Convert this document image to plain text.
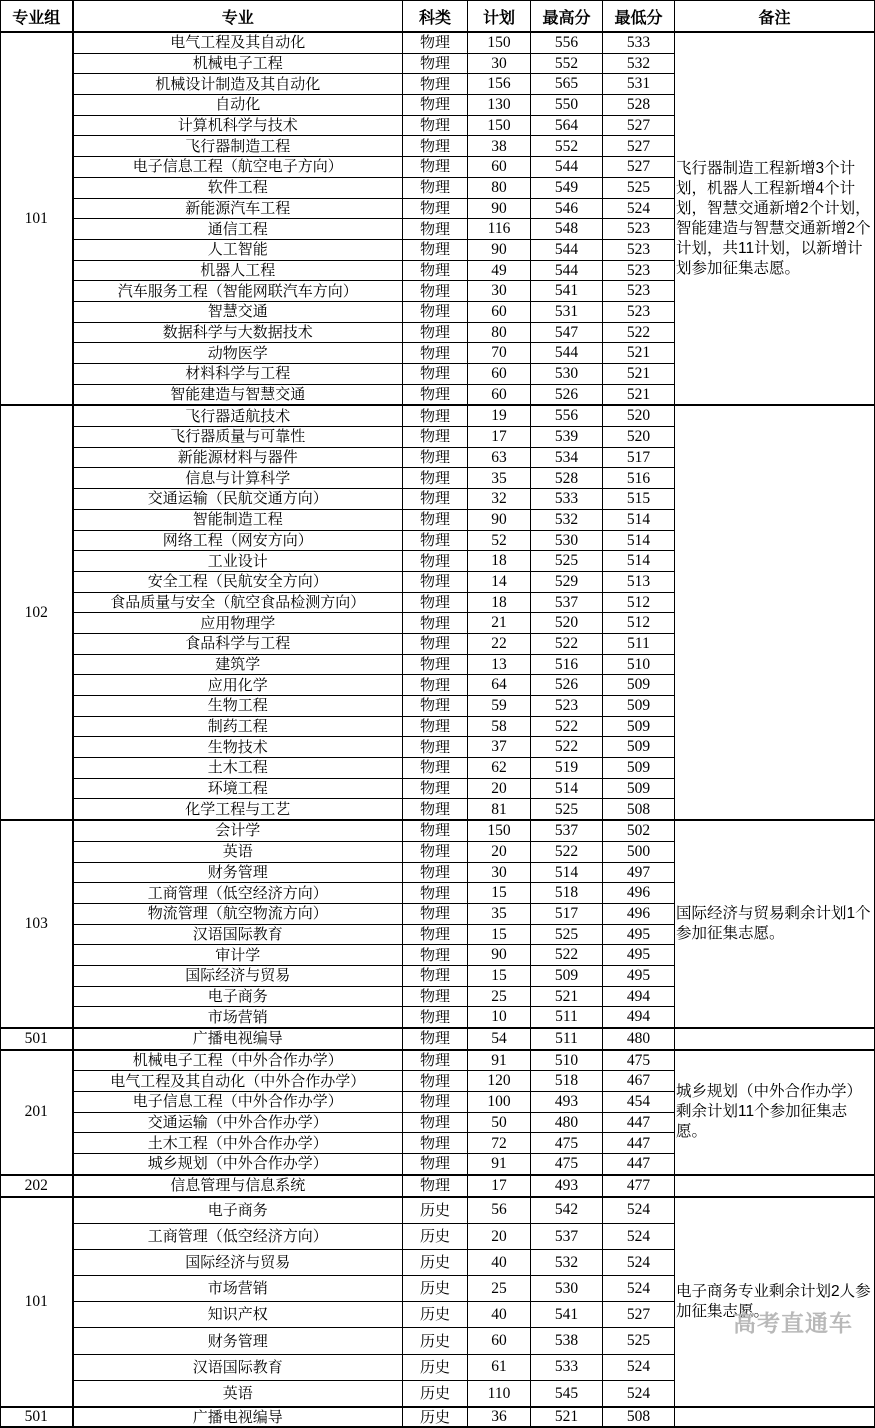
专业组	专业	科类	计划	最高分	最低分	备注
101	电气工程及其自动化	物理	150	556	533	飞行器制造工程新增3个计划，机器人工程新增4个计划，智慧交通新增2个计划，智能建造与智慧交通新增2个计划，共11计划，以新增计划参加征集志愿。
	机械电子工程	物理	30	552	532	
	机械设计制造及其自动化	物理	156	565	531	
	自动化	物理	130	550	528	
	计算机科学与技术	物理	150	564	527	
	飞行器制造工程	物理	38	552	527	
	电子信息工程（航空电子方向）	物理	60	544	527	
	软件工程	物理	80	549	525	
	新能源汽车工程	物理	90	546	524	
	通信工程	物理	116	548	523	
	人工智能	物理	90	544	523	
	机器人工程	物理	49	544	523	
	汽车服务工程（智能网联汽车方向）	物理	30	541	523	
	智慧交通	物理	60	531	523	
	数据科学与大数据技术	物理	80	547	522	
	动物医学	物理	70	544	521	
	材料科学与工程	物理	60	530	521	
	智能建造与智慧交通	物理	60	526	521	
102	飞行器适航技术	物理	19	556	520	
	飞行器质量与可靠性	物理	17	539	520	
	新能源材料与器件	物理	63	534	517	
	信息与计算科学	物理	35	528	516	
	交通运输（民航交通方向）	物理	32	533	515	
	智能制造工程	物理	90	532	514	
	网络工程（网安方向）	物理	52	530	514	
	工业设计	物理	18	525	514	
	安全工程（民航安全方向）	物理	14	529	513	
	食品质量与安全（航空食品检测方向）	物理	18	537	512	
	应用物理学	物理	21	520	512	
	食品科学与工程	物理	22	522	511	
	建筑学	物理	13	516	510	
	应用化学	物理	64	526	509	
	生物工程	物理	59	523	509	
	制药工程	物理	58	522	509	
	生物技术	物理	37	522	509	
	土木工程	物理	62	519	509	
	环境工程	物理	20	514	509	
	化学工程与工艺	物理	81	525	508	
103	会计学	物理	150	537	502	国际经济与贸易剩余计划1个参加征集志愿。
	英语	物理	20	522	500	
	财务管理	物理	30	514	497	
	工商管理（低空经济方向）	物理	15	518	496	
	物流管理（航空物流方向）	物理	35	517	496	
	汉语国际教育	物理	15	525	495	
	审计学	物理	90	522	495	
	国际经济与贸易	物理	15	509	495	
	电子商务	物理	25	521	494	
	市场营销	物理	10	511	494	
501	广播电视编导	物理	54	511	480	
201	机械电子工程（中外合作办学）	物理	91	510	475	城乡规划（中外合作办学）剩余计划11个参加征集志愿。
	电气工程及其自动化（中外合作办学）	物理	120	518	467	
	电子信息工程（中外合作办学）	物理	100	493	454	
	交通运输（中外合作办学）	物理	50	480	447	
	土木工程（中外合作办学）	物理	72	475	447	
	城乡规划（中外合作办学）	物理	91	475	447	
202	信息管理与信息系统	物理	17	493	477	
101	电子商务	历史	56	542	524	电子商务专业剩余计划2人参加征集志愿。
	工商管理（低空经济方向）	历史	20	537	524	
	国际经济与贸易	历史	40	532	524	
	市场营销	历史	25	530	524	
	知识产权	历史	40	541	527	
	财务管理	历史	60	538	525	
	汉语国际教育	历史	61	533	524	
	英语	历史	110	545	524	
501	广播电视编导	历史	36	521	508	
高考直通车
